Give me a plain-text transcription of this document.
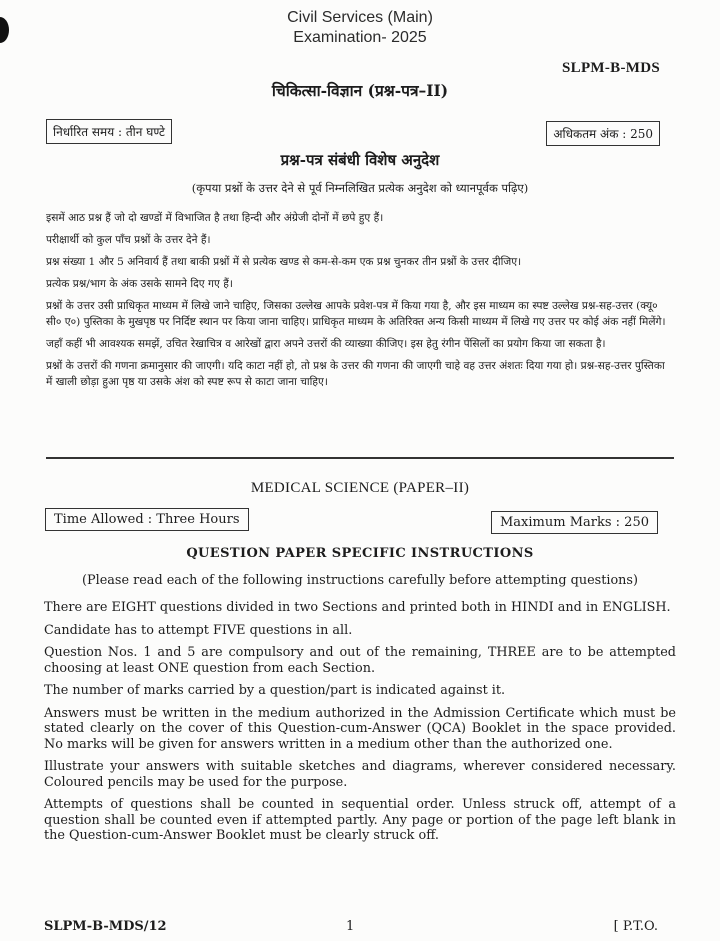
Civil Services (Main)
Examination- 2025
SLPM-B-MDS
चिकित्सा-विज्ञान (प्रश्न-पत्र–II)
निर्धारित समय : तीन घण्टे	अधिकतम अंक : 250
प्रश्न-पत्र संबंधी विशेष अनुदेश
(कृपया प्रश्नों के उत्तर देने से पूर्व निम्नलिखित प्रत्येक अनुदेश को ध्यानपूर्वक पढ़िए)

इसमें आठ प्रश्न हैं जो दो खण्डों में विभाजित है तथा हिन्दी और अंग्रेजी दोनों में छपे हुए हैं।

परीक्षार्थी को कुल पाँच प्रश्नों के उत्तर देने हैं।

प्रश्न संख्या 1 और 5 अनिवार्य हैं तथा बाकी प्रश्नों में से प्रत्येक खण्ड से कम-से-कम एक प्रश्न चुनकर तीन प्रश्नों के उत्तर दीजिए।

प्रत्येक प्रश्न/भाग के अंक उसके सामने दिए गए हैं।

प्रश्नों के उत्तर उसी प्राधिकृत माध्यम में लिखे जाने चाहिए, जिसका उल्लेख आपके प्रवेश-पत्र में किया गया है, और इस माध्यम का स्पष्ट उल्लेख प्रश्न-सह-उत्तर (क्यू० सी० ए०) पुस्तिका के मुखपृष्ठ पर निर्दिष्ट स्थान पर किया जाना चाहिए। प्राधिकृत माध्यम के अतिरिक्त अन्य किसी माध्यम में लिखे गए उत्तर पर कोई अंक नहीं मिलेंगे।

जहाँ कहीं भी आवश्यक समझें, उचित रेखाचित्र व आरेखों द्वारा अपने उत्तरों की व्याख्या कीजिए। इस हेतु रंगीन पेंसिलों का प्रयोग किया जा सकता है।

प्रश्नों के उत्तरों की गणना क्रमानुसार की जाएगी। यदि काटा नहीं हो, तो प्रश्न के उत्तर की गणना की जाएगी चाहे वह उत्तर अंशतः दिया गया हो। प्रश्न-सह-उत्तर पुस्तिका में खाली छोड़ा हुआ पृष्ठ या उसके अंश को स्पष्ट रूप से काटा जाना चाहिए।

MEDICAL SCIENCE (PAPER–II)
Time Allowed : Three Hours	Maximum Marks : 250
QUESTION PAPER SPECIFIC INSTRUCTIONS
(Please read each of the following instructions carefully before attempting questions)

There are EIGHT questions divided in two Sections and printed both in HINDI and in ENGLISH.

Candidate has to attempt FIVE questions in all.

Question Nos. 1 and 5 are compulsory and out of the remaining, THREE are to be attempted choosing at least ONE question from each Section.

The number of marks carried by a question/part is indicated against it.

Answers must be written in the medium authorized in the Admission Certificate which must be stated clearly on the cover of this Question-cum-Answer (QCA) Booklet in the space provided. No marks will be given for answers written in a medium other than the authorized one.

Illustrate your answers with suitable sketches and diagrams, wherever considered necessary. Coloured pencils may be used for the purpose.

Attempts of questions shall be counted in sequential order. Unless struck off, attempt of a question shall be counted even if attempted partly. Any page or portion of the page left blank in the Question-cum-Answer Booklet must be clearly struck off.

SLPM-B-MDS/12	1	[ P.T.O.
